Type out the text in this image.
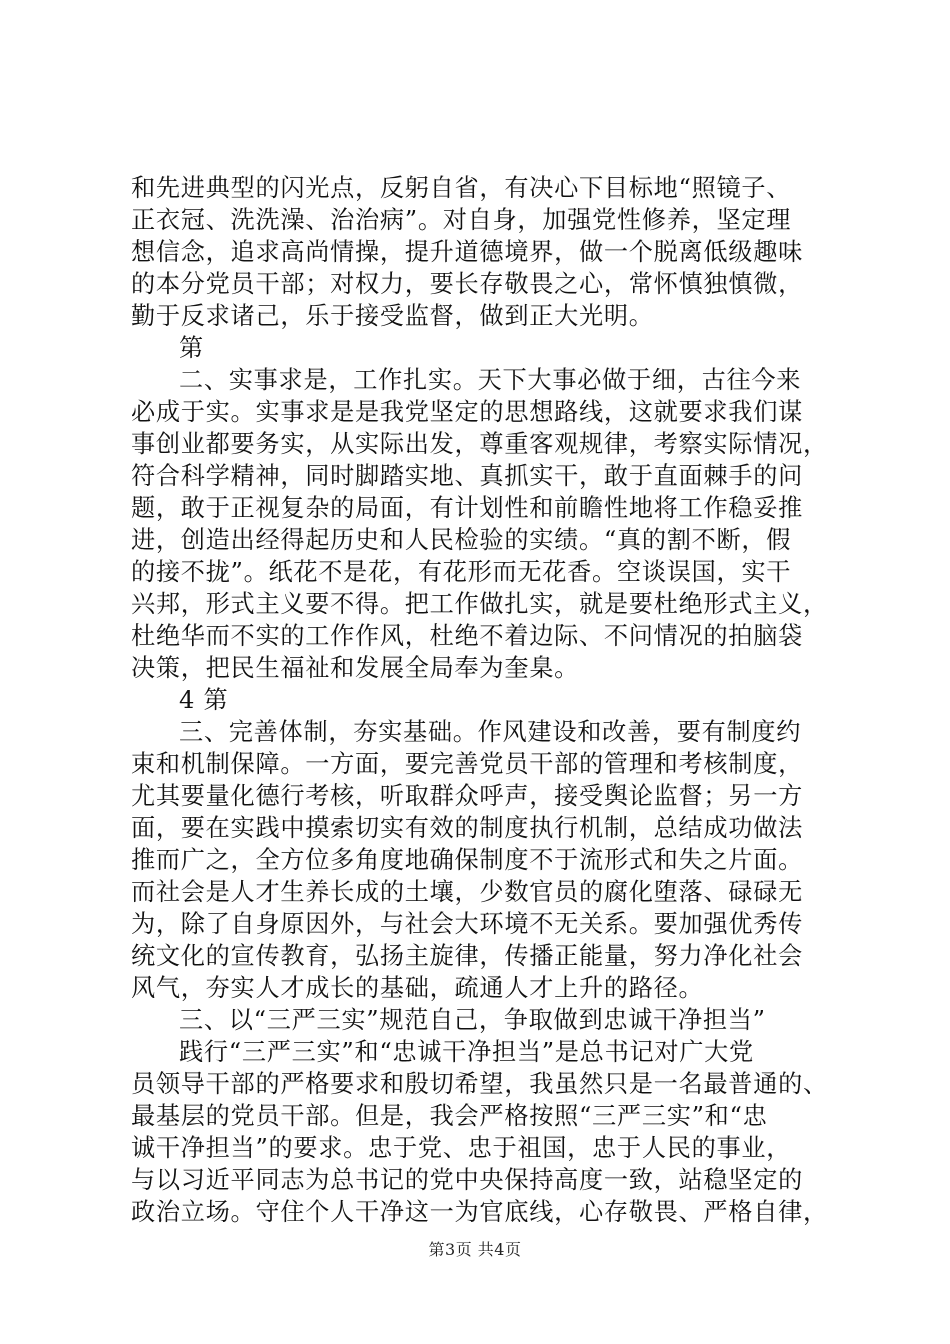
和先进典型的闪光点，反躬自省，有决心下目标地“照镜子、
正衣冠、洗洗澡、治治病”。对自身，加强党性修养，坚定理
想信念，追求高尚情操，提升道德境界，做一个脱离低级趣味
的本分党员干部；对权力，要长存敬畏之心，常怀慎独慎微，
勤于反求诸己，乐于接受监督，做到正大光明。
第
二、实事求是，工作扎实。天下大事必做于细，古往今来
必成于实。实事求是是我党坚定的思想路线，这就要求我们谋
事创业都要务实，从实际出发，尊重客观规律，考察实际情况，
符合科学精神，同时脚踏实地、真抓实干，敢于直面棘手的问
题，敢于正视复杂的局面，有计划性和前瞻性地将工作稳妥推
进，创造出经得起历史和人民检验的实绩。“真的割不断，假
的接不拢”。纸花不是花，有花形而无花香。空谈误国，实干
兴邦，形式主义要不得。把工作做扎实，就是要杜绝形式主义，
杜绝华而不实的工作作风，杜绝不着边际、不问情况的拍脑袋
决策，把民生福祉和发展全局奉为奎臬。
4 第
三、完善体制，夯实基础。作风建设和改善，要有制度约
束和机制保障。一方面，要完善党员干部的管理和考核制度，
尤其要量化德行考核，听取群众呼声，接受舆论监督；另一方
面，要在实践中摸索切实有效的制度执行机制，总结成功做法
推而广之，全方位多角度地确保制度不于流形式和失之片面。
而社会是人才生养长成的土壤，少数官员的腐化堕落、碌碌无
为，除了自身原因外，与社会大环境不无关系。要加强优秀传
统文化的宣传教育，弘扬主旋律，传播正能量，努力净化社会
风气，夯实人才成长的基础，疏通人才上升的路径。
三、以“三严三实”规范自己，争取做到忠诚干净担当”
践行“三严三实”和“忠诚干净担当”是总书记对广大党
员领导干部的严格要求和殷切希望，我虽然只是一名最普通的、
最基层的党员干部。但是，我会严格按照“三严三实”和“忠
诚干净担当”的要求。忠于党、忠于祖国，忠于人民的事业，
与以习近平同志为总书记的党中央保持高度一致，站稳坚定的
政治立场。守住个人干净这一为官底线，心存敬畏、严格自律，
第3页 共4页
